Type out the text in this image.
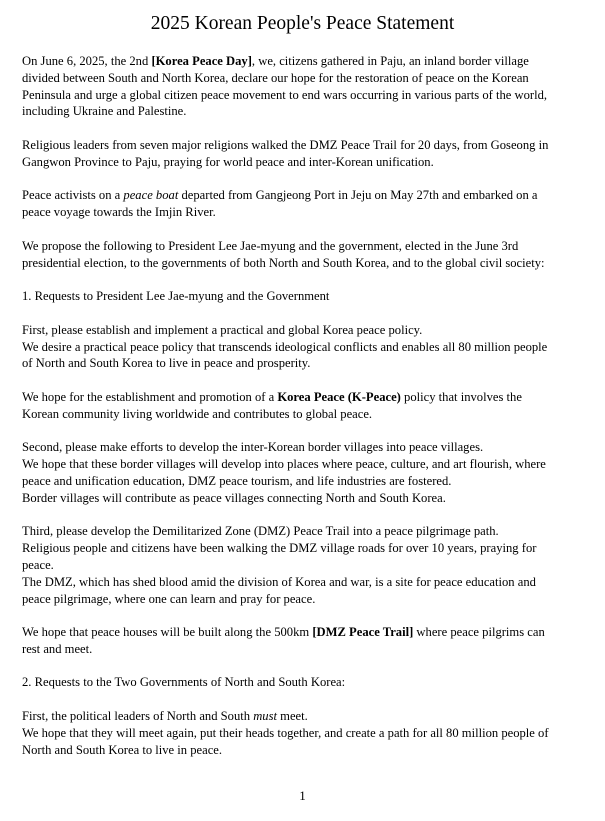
2025 Korean People's Peace Statement

On June 6, 2025, the 2nd [Korea Peace Day], we, citizens gathered in Paju, an inland border village
divided between South and North Korea, declare our hope for the restoration of peace on the Korean
Peninsula and urge a global citizen peace movement to end wars occurring in various parts of the world,
including Ukraine and Palestine.

Religious leaders from seven major religions walked the DMZ Peace Trail for 20 days, from Goseong in
Gangwon Province to Paju, praying for world peace and inter-Korean unification.

Peace activists on a peace boat departed from Gangjeong Port in Jeju on May 27th and embarked on a
peace voyage towards the Imjin River.

We propose the following to President Lee Jae-myung and the government, elected in the June 3rd
presidential election, to the governments of both North and South Korea, and to the global civil society:

1. Requests to President Lee Jae-myung and the Government

First, please establish and implement a practical and global Korea peace policy.
We desire a practical peace policy that transcends ideological conflicts and enables all 80 million people
of North and South Korea to live in peace and prosperity.

We hope for the establishment and promotion of a Korea Peace (K-Peace) policy that involves the
Korean community living worldwide and contributes to global peace.

Second, please make efforts to develop the inter-Korean border villages into peace villages.
We hope that these border villages will develop into places where peace, culture, and art flourish, where
peace and unification education, DMZ peace tourism, and life industries are fostered.
Border villages will contribute as peace villages connecting North and South Korea.

Third, please develop the Demilitarized Zone (DMZ) Peace Trail into a peace pilgrimage path.
Religious people and citizens have been walking the DMZ village roads for over 10 years, praying for
peace.
The DMZ, which has shed blood amid the division of Korea and war, is a site for peace education and
peace pilgrimage, where one can learn and pray for peace.

We hope that peace houses will be built along the 500km [DMZ Peace Trail] where peace pilgrims can
rest and meet.

2. Requests to the Two Governments of North and South Korea:

First, the political leaders of North and South must meet.
We hope that they will meet again, put their heads together, and create a path for all 80 million people of
North and South Korea to live in peace.

1
